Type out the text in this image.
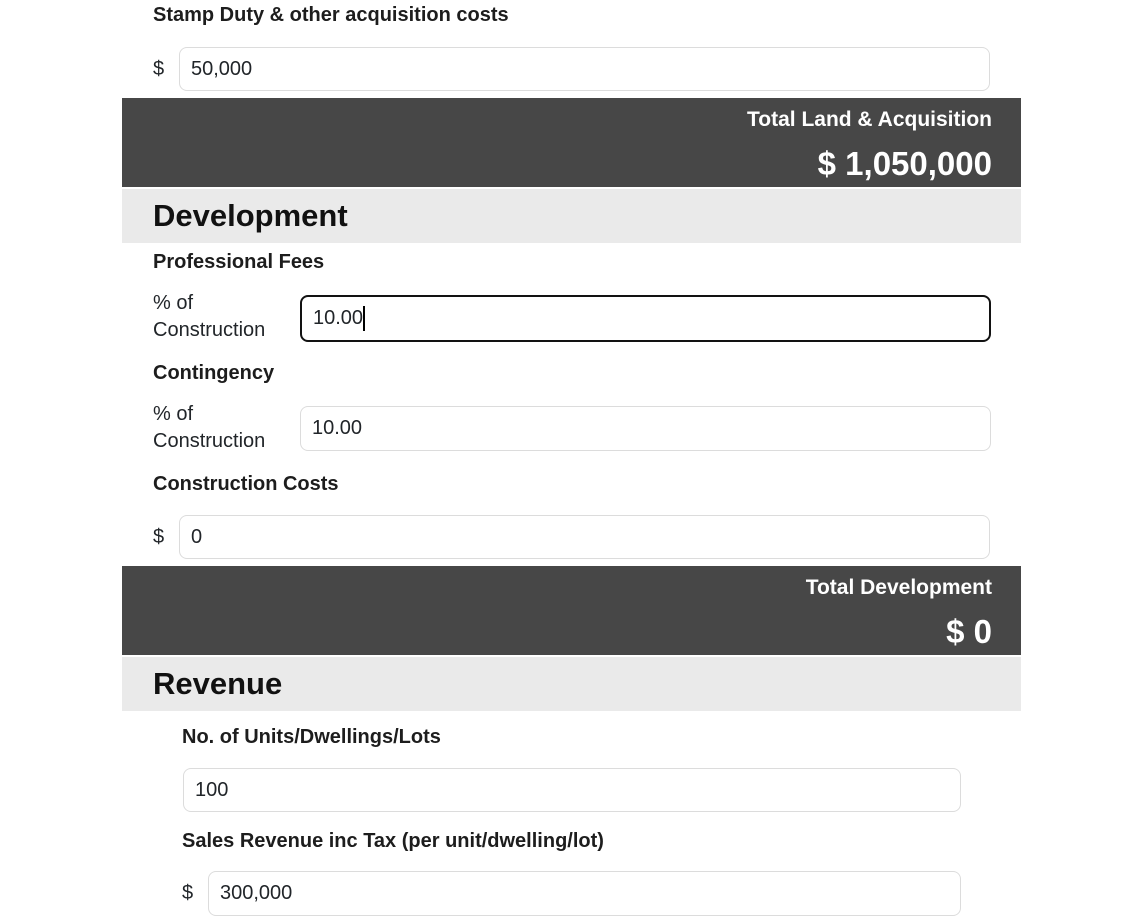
Stamp Duty & other acquisition costs
$
50,000
Total Land & Acquisition
$ 1,050,000
Development
Professional Fees
% of Construction
10.00
Contingency
% of Construction
10.00
Construction Costs
$
0
Total Development
$ 0
Revenue
No. of Units/Dwellings/Lots
100
Sales Revenue inc Tax (per unit/dwelling/lot)
$
300,000
